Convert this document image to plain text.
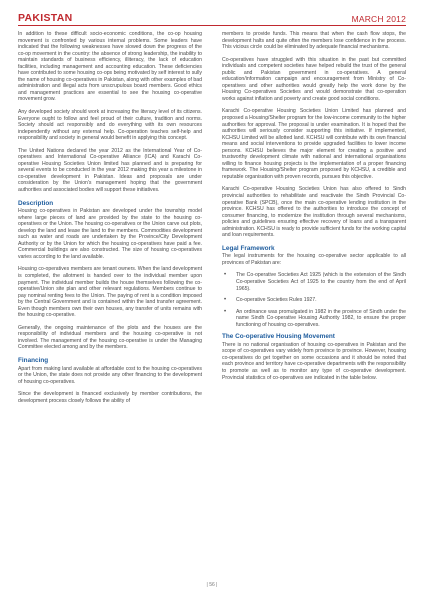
PAKISTAN	MARCH 2012

In addition to these difficult socio-economic conditions, the co-op housing movement is confronted by various internal problems. Some leaders have indicated that the following weaknesses have slowed down the progress of the co-op movement in the country: the absence of strong leadership, the inability to maintain standards of business efficiency, illiteracy, the lack of education facilities, including management and accounting education. These deficiencies have contributed to some housing co-ops being motivated by self interest to sully the name of housing co-operatives in Pakistan, along with other examples of bad administration and illegal acts from unscrupulous board members. Good ethics and management practices are essential to see the housing co-operative movement grow.

Any developed society should work at increasing the literacy level of its citizens. Everyone ought to follow and feel proud of their culture, tradition and norms. Society should act responsibly and do everything with its own resources independently without any external help. Co-operation teaches self-help and responsibility and society in general would benefit in applying this concept.

The United Nations declared the year 2012 as the International Year of Co-operatives and International Co-operative Alliance (ICA) and Karachi Co-operative Housing Societies Union limited has planned and is preparing for several events to be conducted in the year 2012 making this year a milestone in co-operative development in Pakistan. Ideas and proposals are under consideration by the Union's management hoping that the government authorities and associated bodies will support these initiatives.

Description

Housing co-operatives in Pakistan are developed under the township model where large pieces of land are provided by the state to the housing co-operatives or the Union. The housing co-operatives or the Union carve out plots, develop the land and lease the land to the members. Commodities development such as water and roads are undertaken by the Province/City Development Authority or by the Union for which the housing co-operatives have paid a fee. Commercial buildings are also constructed. The size of housing co-operatives varies according to the land available.

Housing co-operatives members are tenant owners. When the land development is completed, the allotment is handed over to the individual member upon payment. The individual member builds the house themselves following the co-operative/Union site plan and other relevant regulations. Members continue to pay nominal renting fees to the Union. The paying of rent is a condition imposed by the Central Government and is contained within the land transfer agreement. Even though members own their own houses, any transfer of units remains with the housing co-operative.

Generally, the ongoing maintenance of the plots and the houses are the responsibility of individual members and the housing co-operative is not involved. The management of the housing co-operative is under the Managing Committee elected among and by the members.

Financing

Apart from making land available at affordable cost to the housing co-operatives or the Union, the state does not provide any other financing to the development of housing co-operatives.

Since the development is financed exclusively by member contributions, the development process closely follows the ability of

members to provide funds. This means that when the cash flow stops, the development halts and quite often the members lose confidence in the process. This vicious circle could be eliminated by adequate financial mechanisms.

Co-operatives have struggled with this situation in the past but committed individuals and competent societies have helped rebuild the trust of the general public and Pakistan government in co-operatives. A general education/information campaign and encouragement from Ministry of Co-operatives and other authorities would greatly help the work done by the Housing Co-operatives Societies and would demonstrate that co-operation works against inflation and poverty and create good social conditions.

Karachi Co-operative Housing Societies Union Limited has planned and proposed a Housing/Shelter program for the low-income community to the higher authorities for approval. The proposal is under examination. It is hoped that the authorities will seriously consider supporting this initiative. If implemented, KCHSU Limited will be allotted land. KCHSU will contribute with its own financial means and social interventions to provide upgraded facilities to lower income persons. KCHSU believes the major element for creating a positive and trustworthy development climate with national and international organisations willing to finance housing projects is the implementation of a proper financing framework. The Housing/Shelter program proposed by KCHSU, a credible and reputable organisation with proven records, pursues this objective.

Karachi Co-operative Housing Societies Union has also offered to Sindh provincial authorities to rehabilitate and reactivate the Sindh Provincial Co-operative Bank (SPCB), once the main co-operative lending institution in the province. KCHSU has offered to the authorities to introduce the concept of consumer financing, to modernize the institution through several mechanisms, policies and guidelines ensuring effective recovery of loans and a transparent administration. KCHSU is ready to provide sufficient funds for the working capital and loan requirements.

Legal Framework

The legal instruments for the housing co-operative sector applicable to all provinces of Pakistan are:

• The Co-operative Societies Act 1925 (which is the extension of the Sindh Co-operative Societies Act of 1925 to the country from the end of April 1965).
• Co-operative Societies Rules 1927.
• An ordinance was promulgated in 1982 in the province of Sindh under the name Sindh Co-operative Housing Authority 1982, to ensure the proper functioning of housing co-operatives.
The Co-operative Housing Movement

There is no national organisation of housing co-operatives in Pakistan and the scope of co-operatives vary widely from province to province. However, housing co-operatives do get together on some occasions and it should be noted that each province and territory have co-operative departments with the responsibility to promote as well as to monitor any type of co-operative development. Provincial statistics of co-operatives are indicated in the table below.

| 56 |
